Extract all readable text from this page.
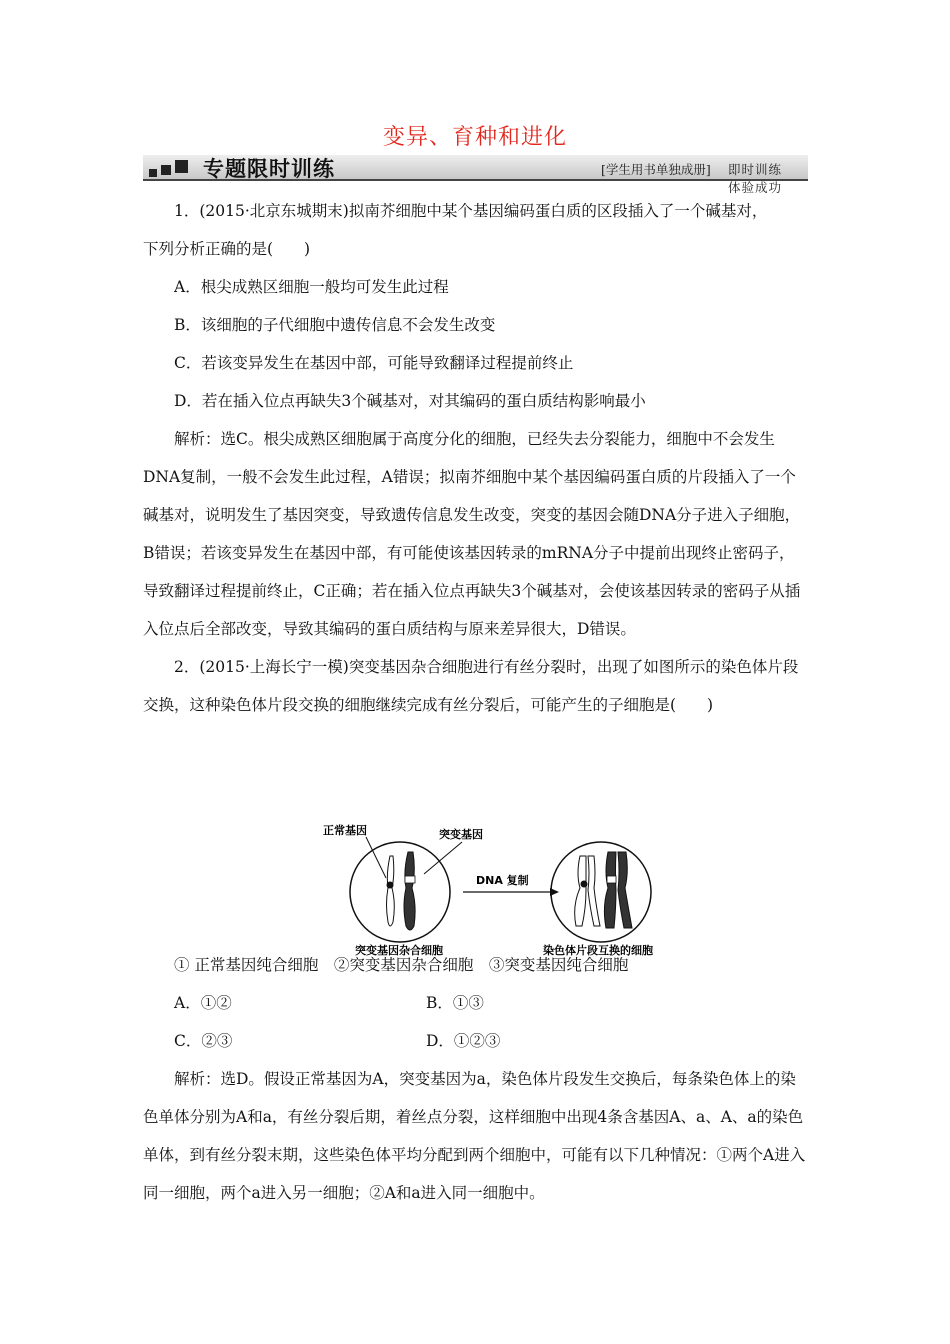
变异、育种和进化
专题限时训练	[学生用书单独成册] 即时训练　体验成功

1．(2015·北京东城期末)拟南芥细胞中某个基因编码蛋白质的区段插入了一个碱基对，

下列分析正确的是(　　)

A．根尖成熟区细胞一般均可发生此过程

B．该细胞的子代细胞中遗传信息不会发生改变

C．若该变异发生在基因中部，可能导致翻译过程提前终止

D．若在插入位点再缺失3个碱基对，对其编码的蛋白质结构影响最小

解析：选C。根尖成熟区细胞属于高度分化的细胞，已经失去分裂能力，细胞中不会发生DNA复制，一般不会发生此过程，A错误；拟南芥细胞中某个基因编码蛋白质的片段插入了一个碱基对，说明发生了基因突变，导致遗传信息发生改变，突变的基因会随DNA分子进入子细胞，B错误；若该变异发生在基因中部，有可能使该基因转录的mRNA分子中提前出现终止密码子，导致翻译过程提前终止，C正确；若在插入位点再缺失3个碱基对，会使该基因转录的密码子从插入位点后全部改变，导致其编码的蛋白质结构与原来差异很大，D错误。

2．(2015·上海长宁一模)突变基因杂合细胞进行有丝分裂时，出现了如图所示的染色体片段交换，这种染色体片段交换的细胞继续完成有丝分裂后，可能产生的子细胞是(　　)

正常基因	突变基因
DNA 复制
突变基因杂合细胞	染色体片段互换的细胞

① 正常基因纯合细胞　②突变基因杂合细胞　③突变基因纯合细胞

A．①②	B．①③

C．②③	D．①②③

解析：选D。假设正常基因为A，突变基因为a，染色体片段发生交换后，每条染色体上的染色单体分别为A和a，有丝分裂后期，着丝点分裂，这样细胞中出现4条含基因A、a、A、a的染色单体，到有丝分裂末期，这些染色体平均分配到两个细胞中，可能有以下几种情况：①两个A进入同一细胞，两个a进入另一细胞；②A和a进入同一细胞中。
